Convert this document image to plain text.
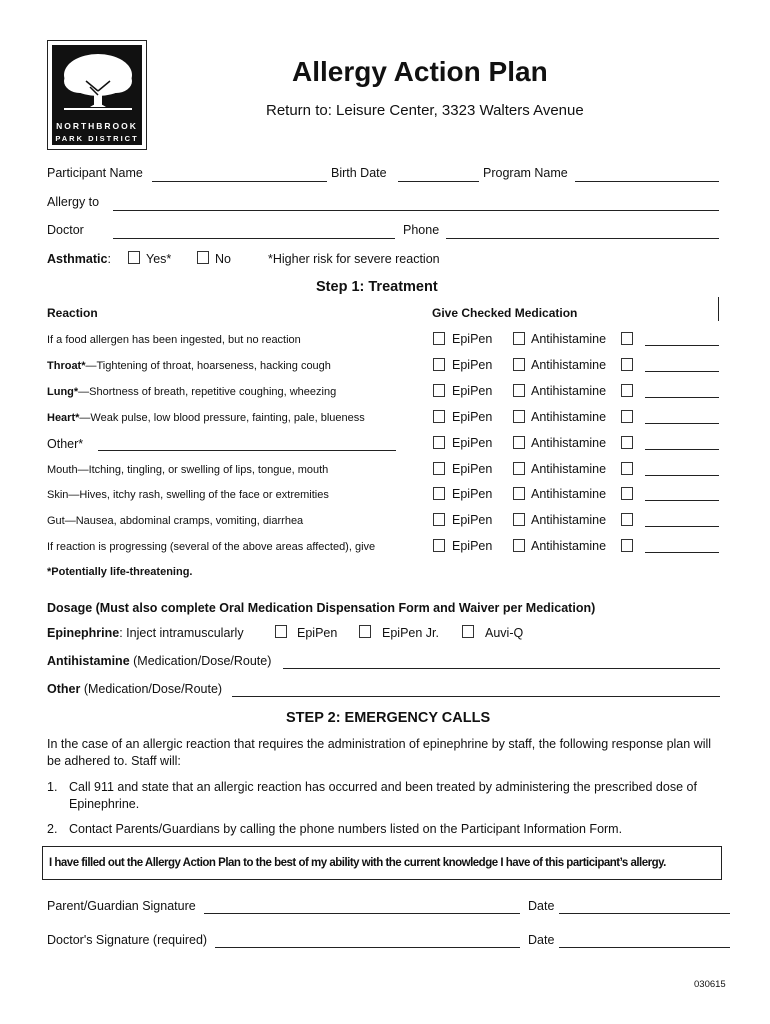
NORTHBROOK
PARK DISTRICT
Allergy Action Plan
Return to: Leisure Center, 3323 Walters Avenue
Participant Name	Birth Date	Program Name
Allergy to
Doctor	Phone
Asthmatic:	Yes*	No	*Higher risk for severe reaction
Step 1: Treatment
Reaction	Give Checked Medication
If a food allergen has been ingested, but no reaction	EpiPen	Antihistamine
Throat*—Tightening of throat, hoarseness, hacking cough	EpiPen	Antihistamine
Lung*—Shortness of breath, repetitive coughing, wheezing	EpiPen	Antihistamine
Heart*—Weak pulse, low blood pressure, fainting, pale, blueness	EpiPen	Antihistamine
Other*	EpiPen	Antihistamine
Mouth—Itching, tingling, or swelling of lips, tongue, mouth	EpiPen	Antihistamine
Skin—Hives, itchy rash, swelling of the face or extremities	EpiPen	Antihistamine
Gut—Nausea, abdominal cramps, vomiting, diarrhea	EpiPen	Antihistamine
If reaction is progressing (several of the above areas affected), give	EpiPen	Antihistamine
*Potentially life-threatening.
Dosage (Must also complete Oral Medication Dispensation Form and Waiver per Medication)
Epinephrine: Inject intramuscularly	EpiPen	EpiPen Jr.	Auvi-Q
Antihistamine (Medication/Dose/Route)
Other (Medication/Dose/Route)
STEP 2: EMERGENCY CALLS
In the case of an allergic reaction that requires the administration of epinephrine by staff, the following response plan will be adhered to. Staff will:
1. Call 911 and state that an allergic reaction has occurred and been treated by administering the prescribed dose of Epinephrine.
2. Contact Parents/Guardians by calling the phone numbers listed on the Participant Information Form.
I have filled out the Allergy Action Plan to the best of my ability with the current knowledge I have of this participant’s allergy.
Parent/Guardian Signature	Date
Doctor's Signature (required)	Date
030615
